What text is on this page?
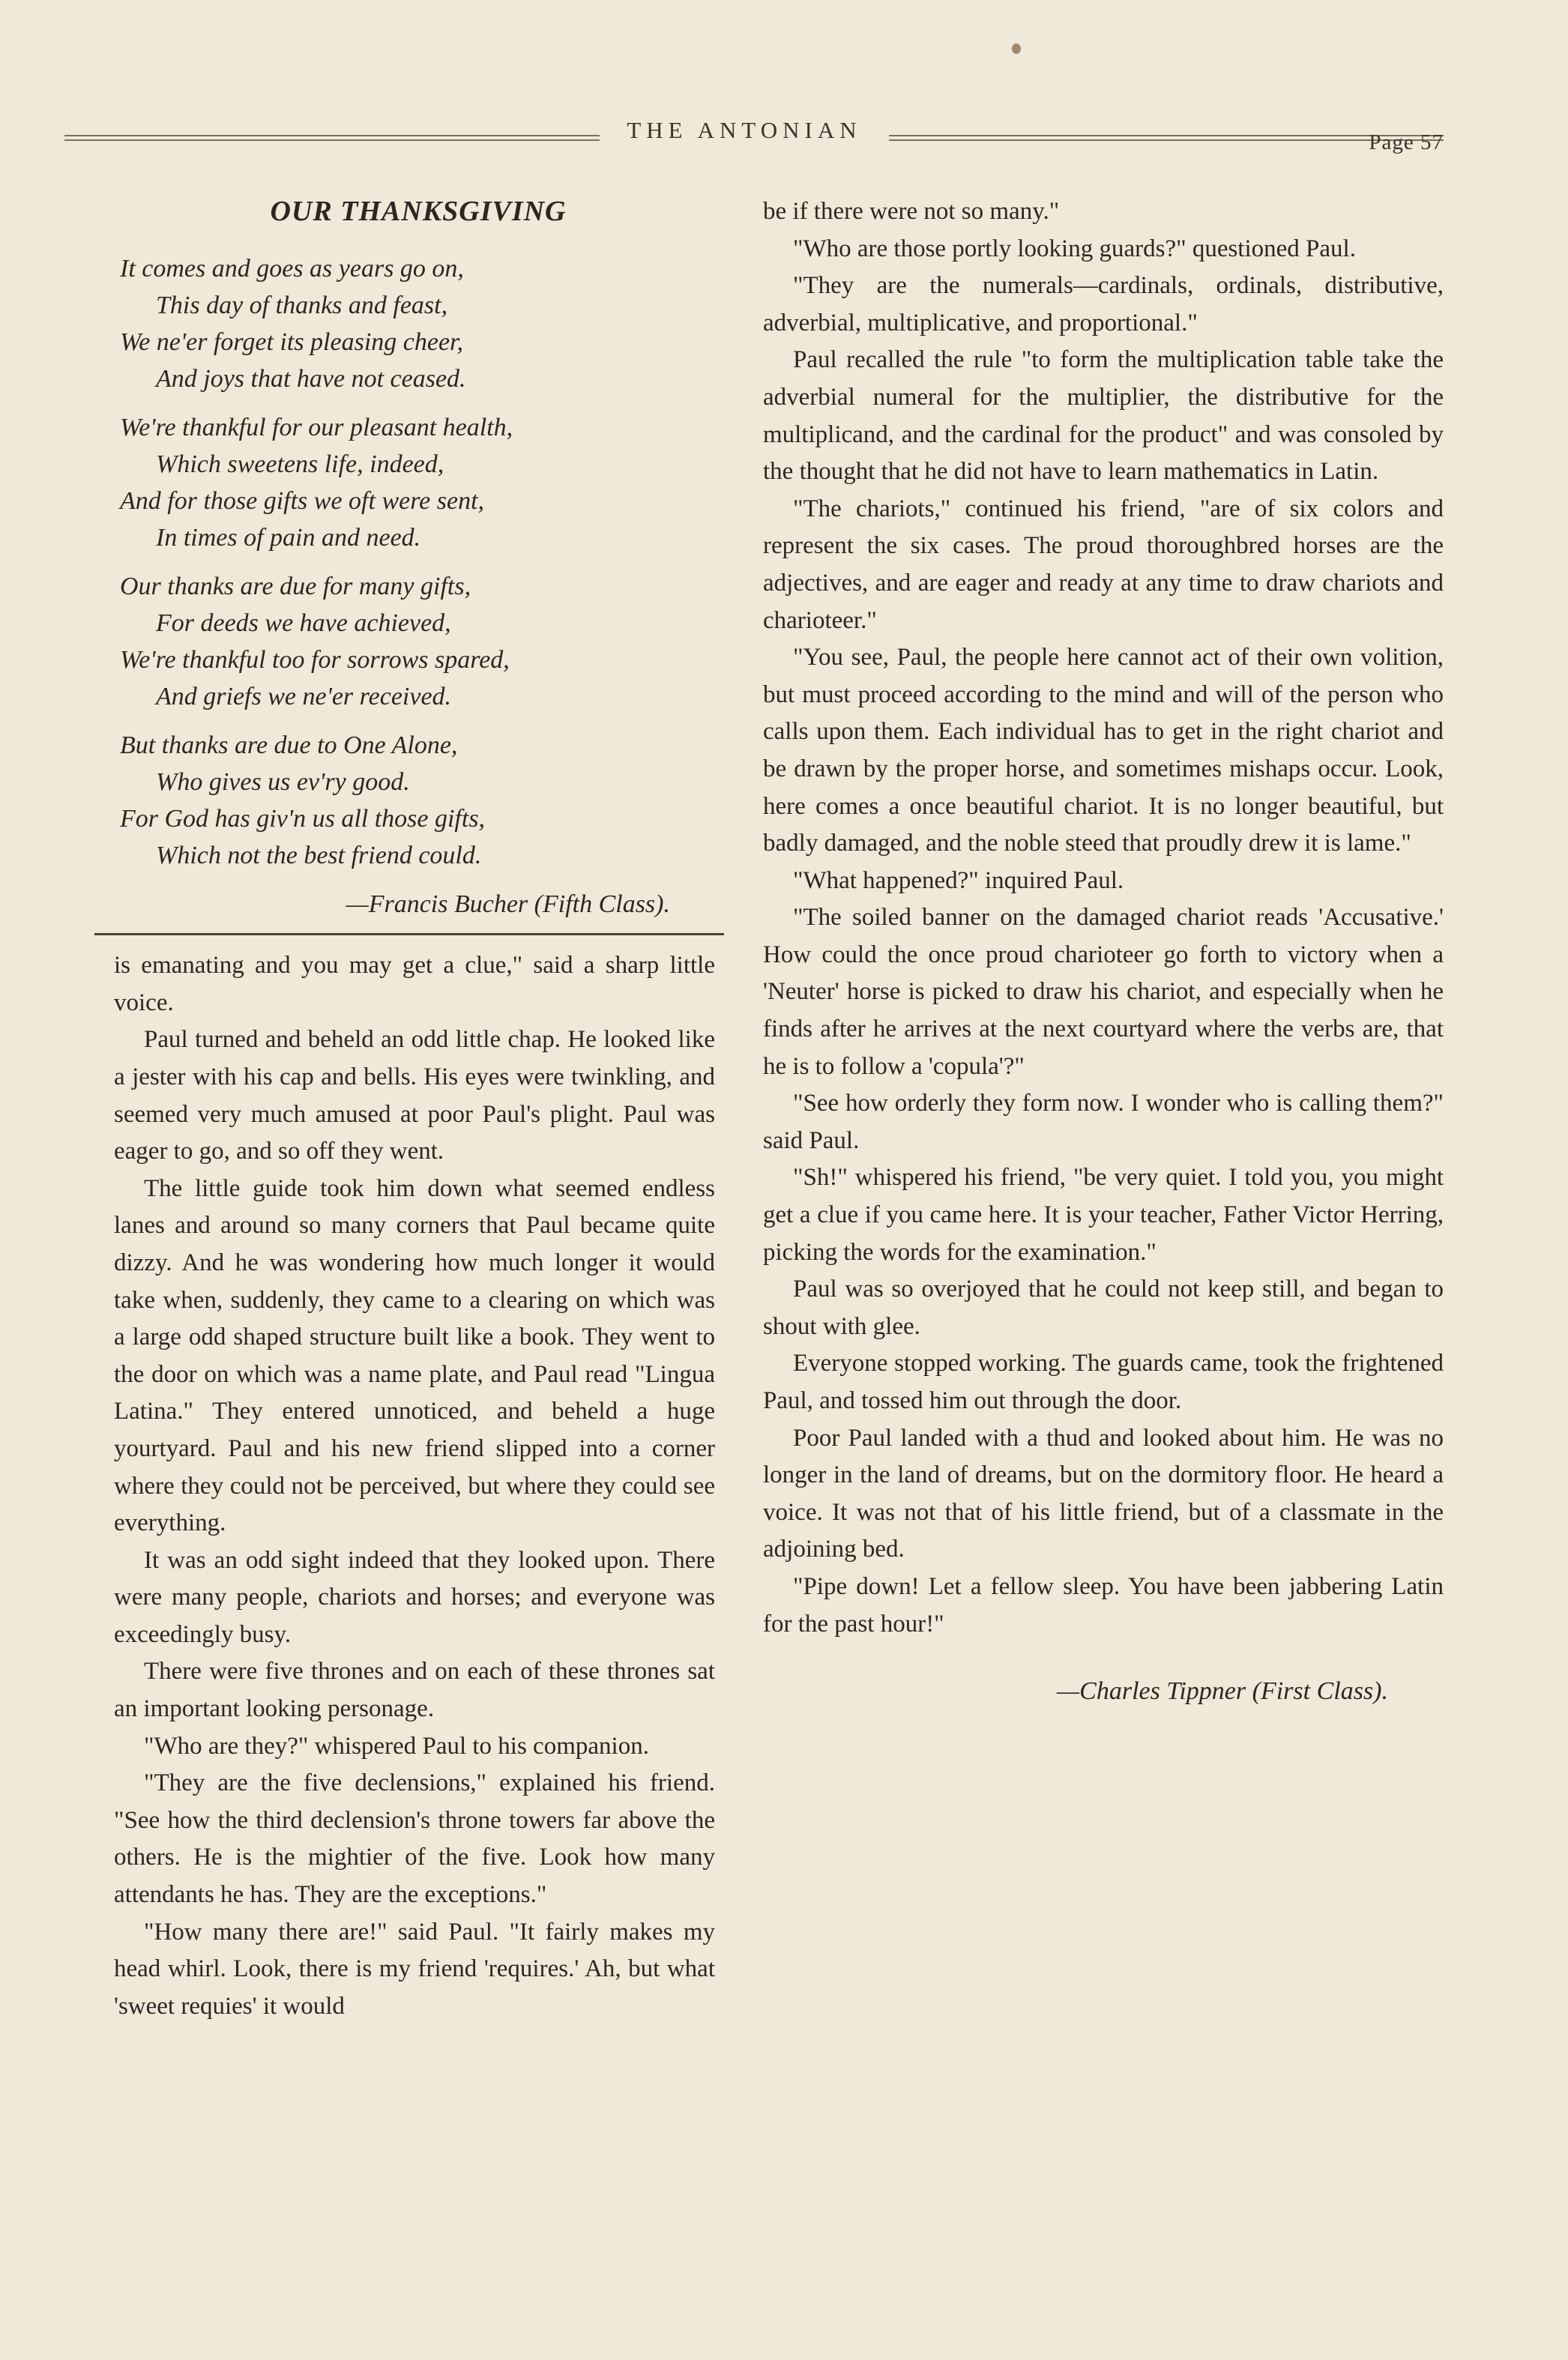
THE ANTONIAN	Page 57
OUR THANKSGIVING
It comes and goes as years go on,
This day of thanks and feast,
We ne'er forget its pleasing cheer,
And joys that have not ceased.
We're thankful for our pleasant health,
Which sweetens life, indeed,
And for those gifts we oft were sent,
In times of pain and need.
Our thanks are due for many gifts,
For deeds we have achieved,
We're thankful too for sorrows spared,
And griefs we ne'er received.
But thanks are due to One Alone,
Who gives us ev'ry good.
For God has giv'n us all those gifts,
Which not the best friend could.
—Francis Bucher (Fifth Class).

is emanating and you may get a clue," said a sharp little voice.

Paul turned and beheld an odd little chap. He looked like a jester with his cap and bells. His eyes were twinkling, and seemed very much amused at poor Paul's plight. Paul was eager to go, and so off they went.

The little guide took him down what seemed endless lanes and around so many corners that Paul became quite dizzy. And he was wondering how much longer it would take when, suddenly, they came to a clearing on which was a large odd shaped structure built like a book. They went to the door on which was a name plate, and Paul read "Lingua Latina." They entered unnoticed, and beheld a huge yourtyard. Paul and his new friend slipped into a corner where they could not be perceived, but where they could see everything.

It was an odd sight indeed that they looked upon. There were many people, chariots and horses; and everyone was exceedingly busy.

There were five thrones and on each of these thrones sat an important looking personage.

"Who are they?" whispered Paul to his companion.

"They are the five declensions," explained his friend. "See how the third declension's throne towers far above the others. He is the mightier of the five. Look how many attendants he has. They are the exceptions."

"How many there are!" said Paul. "It fairly makes my head whirl. Look, there is my friend 'requires.' Ah, but what 'sweet requies' it would

be if there were not so many."

"Who are those portly looking guards?" questioned Paul.

"They are the numerals—cardinals, ordinals, distributive, adverbial, multiplicative, and proportional."

Paul recalled the rule "to form the multiplication table take the adverbial numeral for the multiplier, the distributive for the multiplicand, and the cardinal for the product" and was consoled by the thought that he did not have to learn mathematics in Latin.

"The chariots," continued his friend, "are of six colors and represent the six cases. The proud thoroughbred horses are the adjectives, and are eager and ready at any time to draw chariots and charioteer."

"You see, Paul, the people here cannot act of their own volition, but must proceed according to the mind and will of the person who calls upon them. Each individual has to get in the right chariot and be drawn by the proper horse, and sometimes mishaps occur. Look, here comes a once beautiful chariot. It is no longer beautiful, but badly damaged, and the noble steed that proudly drew it is lame."

"What happened?" inquired Paul.

"The soiled banner on the damaged chariot reads 'Accusative.' How could the once proud charioteer go forth to victory when a 'Neuter' horse is picked to draw his chariot, and especially when he finds after he arrives at the next courtyard where the verbs are, that he is to follow a 'copula'?"

"See how orderly they form now. I wonder who is calling them?" said Paul.

"Sh!" whispered his friend, "be very quiet. I told you, you might get a clue if you came here. It is your teacher, Father Victor Herring, picking the words for the examination."

Paul was so overjoyed that he could not keep still, and began to shout with glee.

Everyone stopped working. The guards came, took the frightened Paul, and tossed him out through the door.

Poor Paul landed with a thud and looked about him. He was no longer in the land of dreams, but on the dormitory floor. He heard a voice. It was not that of his little friend, but of a classmate in the adjoining bed.

"Pipe down! Let a fellow sleep. You have been jabbering Latin for the past hour!"

—Charles Tippner (First Class).
